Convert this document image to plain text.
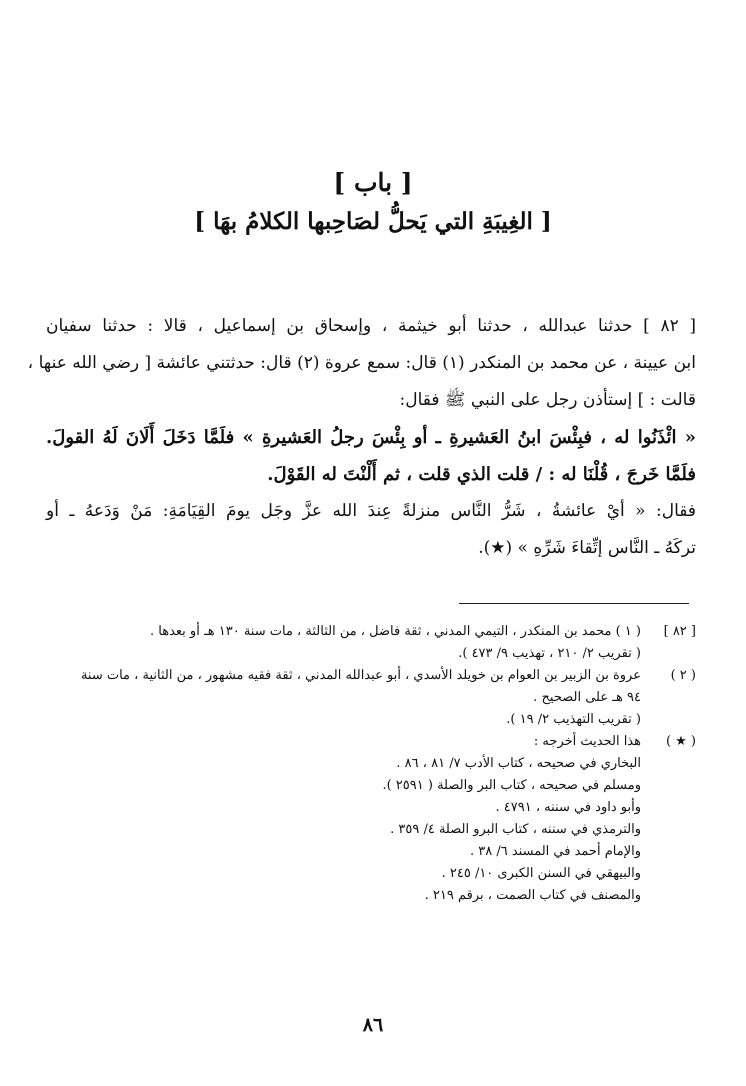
[ باب ]
[ الغِيبَةِ التي يَحلُّ لصَاحِبها الكلامُ بهَا ]
[ ٨٢ ] حدثنا عبدالله ، حدثنا أبو خيثمة ، وإسحاق بن إسماعيل ، قالا : حدثنا سفيان
ابن عيينة ، عن محمد بن المنكدر (١) قال: سمع عروة (٢) قال: حدثتني عائشة [ رضي الله عنها ،
قالت : ] إستأذن رجل على النبي ﷺ فقال:
« ائْذَنُوا له ، فبِئْسَ ابنُ العَشيرةِ ـ أو بِئْسَ رجلُ العَشيرةِ » فلَمَّا دَخَلَ أَلَانَ لَهُ القولَ.
فلَمَّا خَرجَ ، قُلْنَا له : / قلت الذي قلت ، ثم أَلْنْتَ له القَوْلَ.
فقال: « أيْ عائشةُ ، شَرُّ النَّاس منزلةً عِندَ الله عزَّ وجَل يومَ القِيَامَةِ: مَنْ وَدَعهُ ـ أو
تركَهُ ـ النَّاس إتِّقاءَ شَرِّهِ » (★).
[ ٨٢ ]
( ١ ) محمد بن المنكدر ، التيمي المدني ، ثقة فاضل ، من الثالثة ، مات سنة ١٣٠ هـ أو بعدها .
( تقريب ٢/ ٢١٠ ، تهذيب ٩/ ٤٧٣ ).
( ٢ )
عروة بن الزبير بن العوام بن خويلد الأسدي ، أبو عبدالله المدني ، ثقة فقيه مشهور ، من الثانية ، مات سنة
٩٤ هـ على الصحيح .
( تقريب التهذيب ٢/ ١٩ ).
( ★ )
هذا الحديث أخرجه :
البخاري في صحيحه ، كتاب الأدب ٧/ ٨١ ، ٨٦ .
ومسلم في صحيحه ، كتاب البر والصلة ( ٢٥٩١ ).
وأبو داود في سننه ، ٤٧٩١ .
والترمذي في سننه ، كتاب البرو الصلة ٤/ ٣٥٩ .
والإمام أحمد في المسند ٦/ ٣٨ .
والبيهقي في السنن الكبرى ١٠/ ٢٤٥ .
والمصنف في كتاب الصمت ، برقم ٢١٩ .
٨٦
